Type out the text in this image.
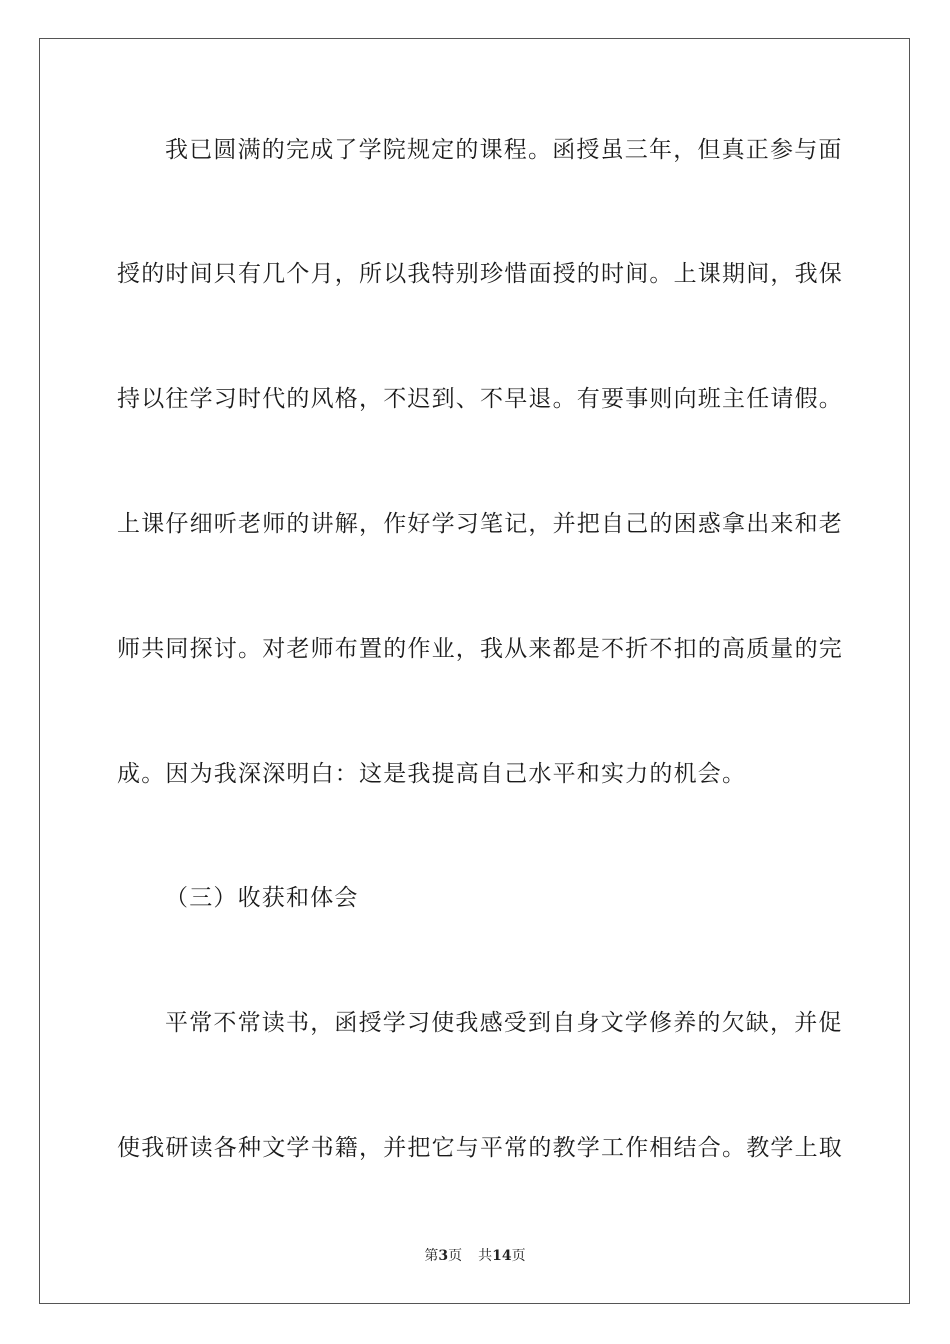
我已圆满的完成了学院规定的课程。函授虽三年，但真正参与面
授的时间只有几个月，所以我特别珍惜面授的时间。上课期间，我保
持以往学习时代的风格，不迟到、不早退。有要事则向班主任请假。
上课仔细听老师的讲解，作好学习笔记，并把自己的困惑拿出来和老
师共同探讨。对老师布置的作业，我从来都是不折不扣的高质量的完
成。因为我深深明白：这是我提高自己水平和实力的机会。
（三）收获和体会
平常不常读书，函授学习使我感受到自身文学修养的欠缺，并促
使我研读各种文学书籍，并把它与平常的教学工作相结合。教学上取
第3页 共14页
